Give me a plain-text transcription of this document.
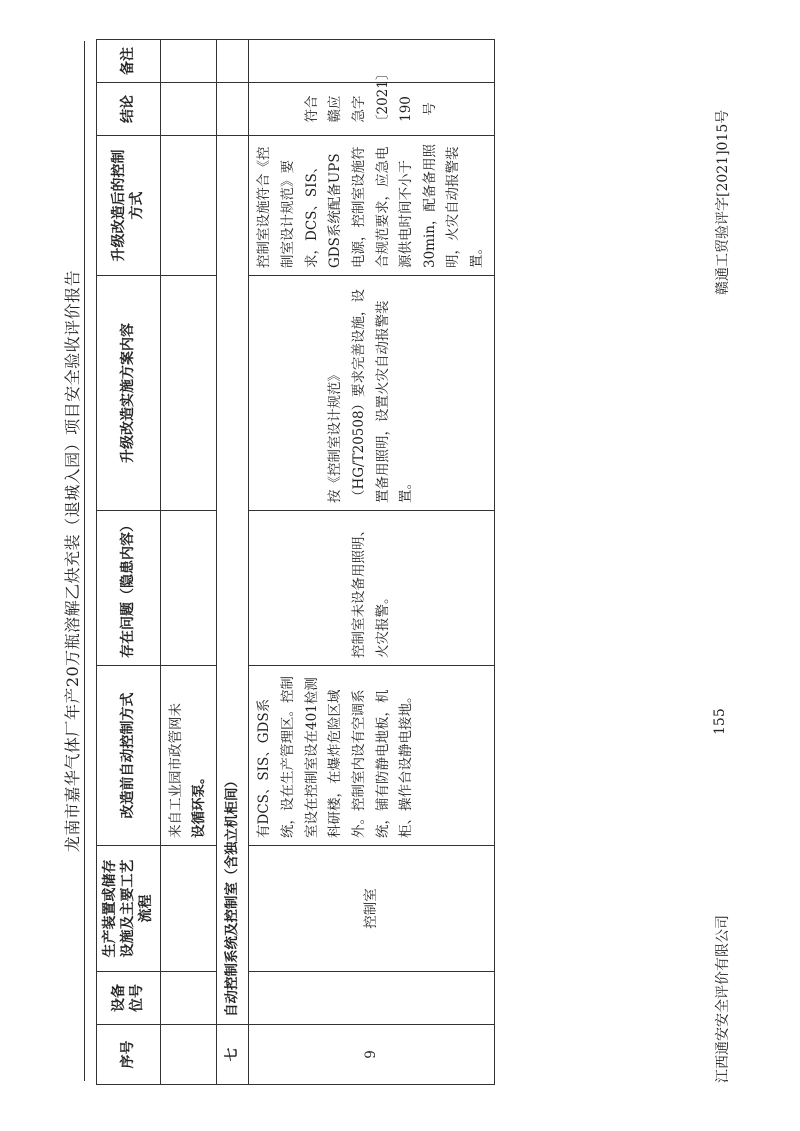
龙南市嘉华气体厂年产20万瓶溶解乙炔充装（退城入园）项目安全验收评价报告
序号	设备位号	生产装置或储存设施及主要工艺流程	改造前自动控制方式	存在问题（隐患内容）	升级改造实施方案内容	升级改造后的控制方式	结论	备注
			来自工业园市政管网未 设循环泵。					
七	自动控制系统及控制室（含独立机柜间）							
9		控制室	有DCS、SIS、GDS系统，设在生产管理区。控制室设在控制室设在401检测科研楼，在爆炸危险区域外。控制室内设有空调系统，铺有防静电地板，机柜、操作台设静电接地。	控制室未设备用照明、火灾报警。	按《控制室设计规范》（HG/T20508）要求完善设施，设置备用照明，设置火灾自动报警装置。	控制室设施符合《控制室设计规范》要求，DCS、SIS、GDS系统配备UPS电源，控制室设施符合规范要求，应急电源供电时间不小于30min，配备备用照明，火灾自动报警装置。	符合赣应急字〔2021〕190号	
江西通安安全评价有限公司
155
赣通工贸验评字[2021]015号
